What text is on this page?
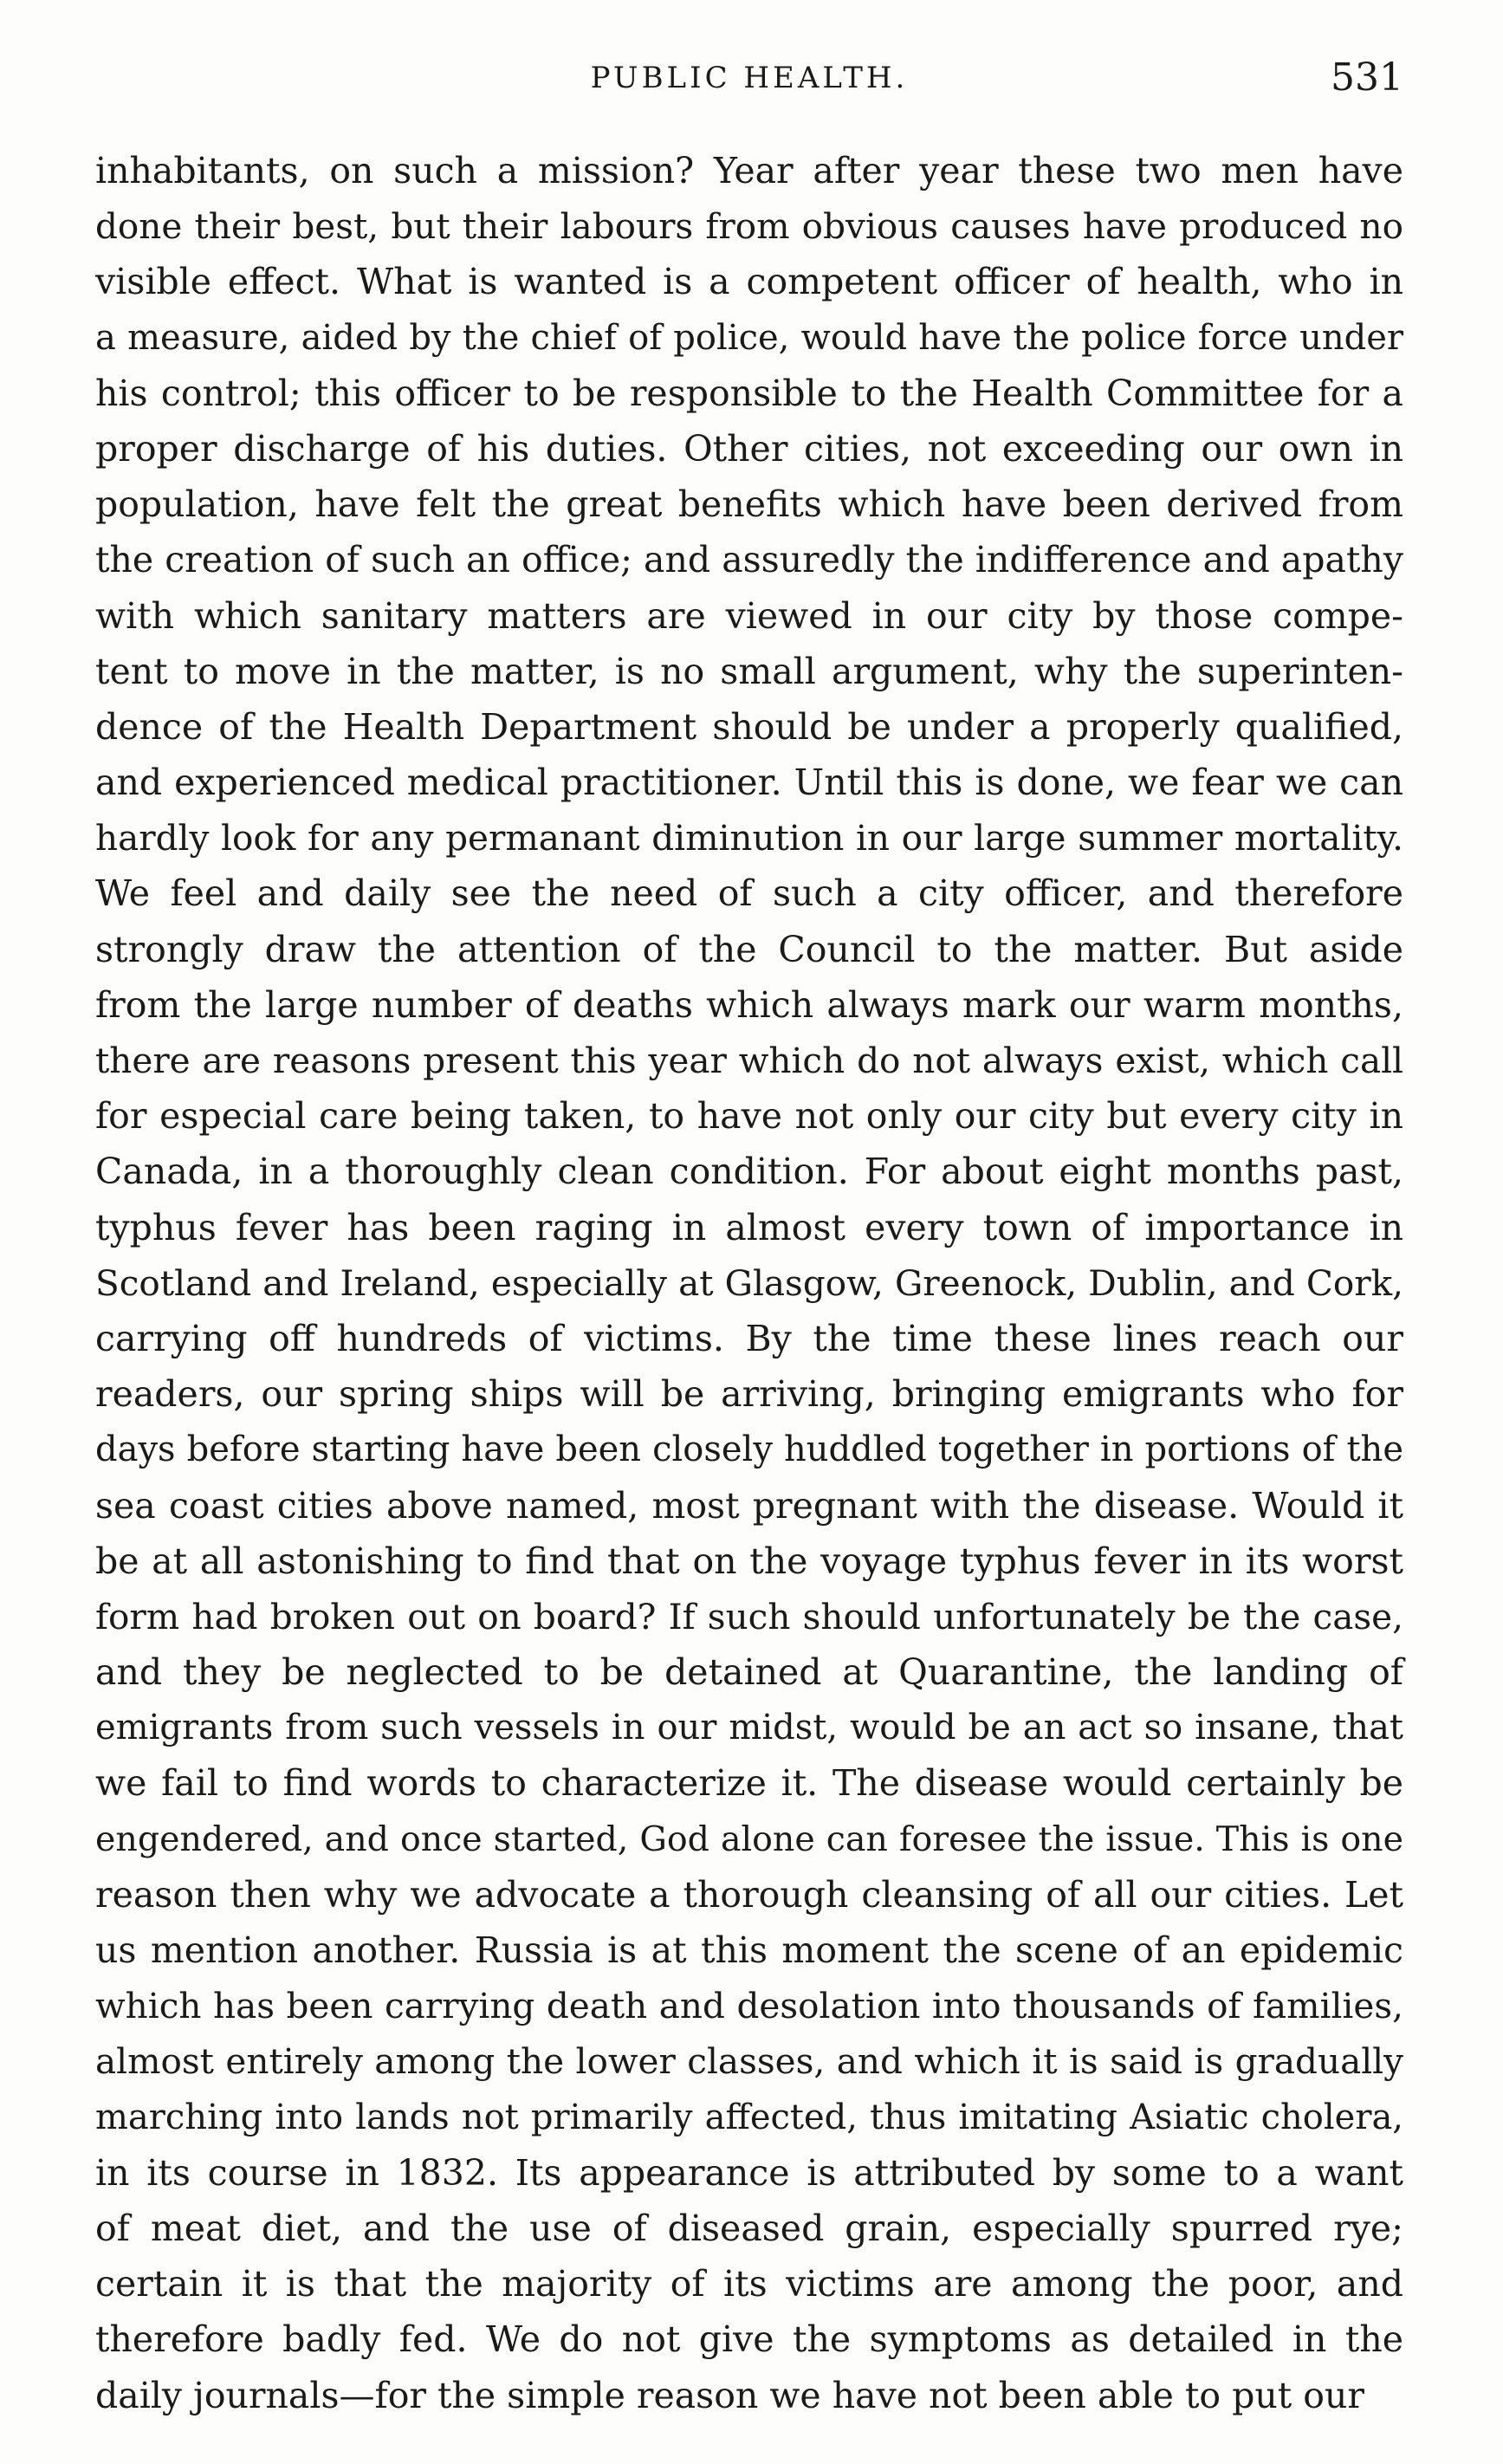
PUBLIC HEALTH.	531
inhabitants, on such a mission? Year after year these two men have
done their best, but their labours from obvious causes have produced no
visible effect. What is wanted is a competent officer of health, who in
a measure, aided by the chief of police, would have the police force under
his control; this officer to be responsible to the Health Committee for a
proper discharge of his duties. Other cities, not exceeding our own in
population, have felt the great benefits which have been derived from
the creation of such an office; and assuredly the indifference and apathy
with which sanitary matters are viewed in our city by those compe-
tent to move in the matter, is no small argument, why the superinten-
dence of the Health Department should be under a properly qualified,
and experienced medical practitioner. Until this is done, we fear we can
hardly look for any permanant diminution in our large summer mortality.
We feel and daily see the need of such a city officer, and therefore
strongly draw the attention of the Council to the matter. But aside
from the large number of deaths which always mark our warm months,
there are reasons present this year which do not always exist, which call
for especial care being taken, to have not only our city but every city in
Canada, in a thoroughly clean condition. For about eight months past,
typhus fever has been raging in almost every town of importance in
Scotland and Ireland, especially at Glasgow, Greenock, Dublin, and Cork,
carrying off hundreds of victims. By the time these lines reach our
readers, our spring ships will be arriving, bringing emigrants who for
days before starting have been closely huddled together in portions of the
sea coast cities above named, most pregnant with the disease. Would it
be at all astonishing to find that on the voyage typhus fever in its worst
form had broken out on board? If such should unfortunately be the case,
and they be neglected to be detained at Quarantine, the landing of
emigrants from such vessels in our midst, would be an act so insane, that
we fail to find words to characterize it. The disease would certainly be
engendered, and once started, God alone can foresee the issue. This is one
reason then why we advocate a thorough cleansing of all our cities. Let
us mention another. Russia is at this moment the scene of an epidemic
which has been carrying death and desolation into thousands of families,
almost entirely among the lower classes, and which it is said is gradually
marching into lands not primarily affected, thus imitating Asiatic cholera,
in its course in 1832. Its appearance is attributed by some to a want
of meat diet, and the use of diseased grain, especially spurred rye;
certain it is that the majority of its victims are among the poor, and
therefore badly fed. We do not give the symptoms as detailed in the
daily journals—for the simple reason we have not been able to put our
